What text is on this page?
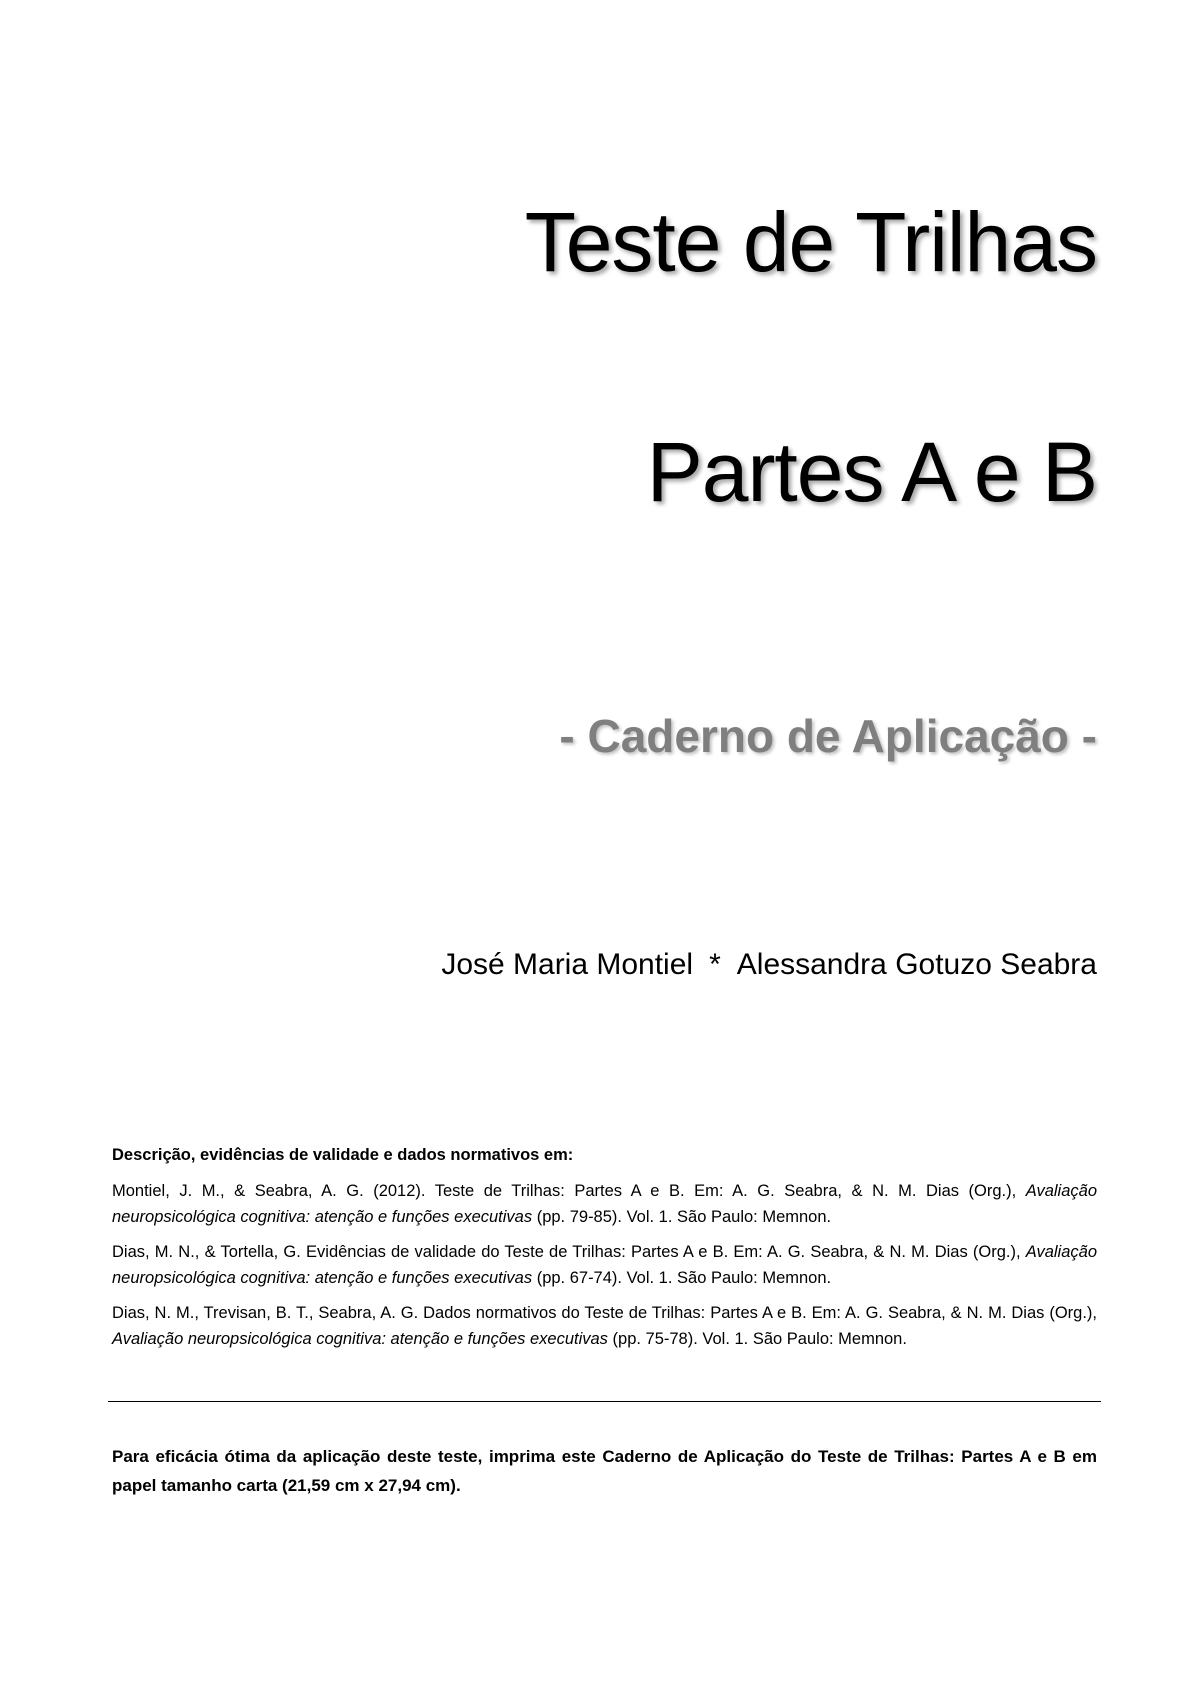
Teste de Trilhas
Partes A e B
- Caderno de Aplicação -
José Maria Montiel * Alessandra Gotuzo Seabra

Descrição, evidências de validade e dados normativos em:

Montiel, J. M., & Seabra, A. G. (2012). Teste de Trilhas: Partes A e B. Em: A. G. Seabra, & N. M. Dias (Org.), Avaliação neuropsicológica cognitiva: atenção e funções executivas (pp. 79-85). Vol. 1. São Paulo: Memnon.

Dias, M. N., & Tortella, G. Evidências de validade do Teste de Trilhas: Partes A e B. Em: A. G. Seabra, & N. M. Dias (Org.), Avaliação neuropsicológica cognitiva: atenção e funções executivas (pp. 67-74). Vol. 1. São Paulo: Memnon.

Dias, N. M., Trevisan, B. T., Seabra, A. G. Dados normativos do Teste de Trilhas: Partes A e B. Em: A. G. Seabra, & N. M. Dias (Org.), Avaliação neuropsicológica cognitiva: atenção e funções executivas (pp. 75-78). Vol. 1. São Paulo: Memnon.

Para eficácia ótima da aplicação deste teste, imprima este Caderno de Aplicação do Teste de Trilhas: Partes A e B em papel tamanho carta (21,59 cm x 27,94 cm).
